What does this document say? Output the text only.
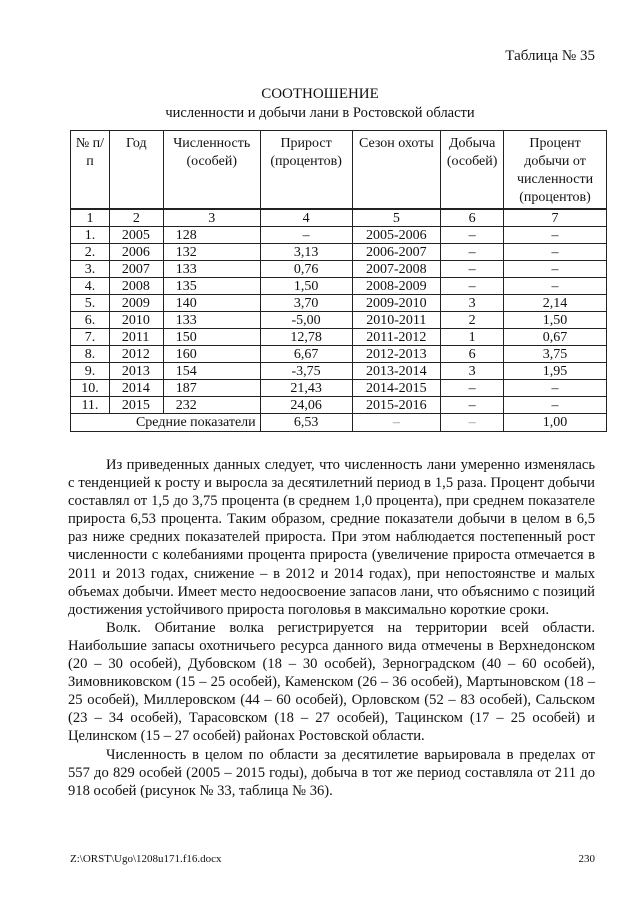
Таблица № 35
СООТНОШЕНИЕ
численности и добычи лани в Ростовской области
№ п/п	Год	Численность (особей)	Прирост (процентов)	Сезон охоты	Добыча (особей)	Процент добычи от численности (процентов)
1	2	3	4	5	6	7
1.	2005	128	–	2005-2006	–	–
2.	2006	132	3,13	2006-2007	–	–
3.	2007	133	0,76	2007-2008	–	–
4.	2008	135	1,50	2008-2009	–	–
5.	2009	140	3,70	2009-2010	3	2,14
6.	2010	133	-5,00	2010-2011	2	1,50
7.	2011	150	12,78	2011-2012	1	0,67
8.	2012	160	6,67	2012-2013	6	3,75
9.	2013	154	-3,75	2013-2014	3	1,95
10.	2014	187	21,43	2014-2015	–	–
11.	2015	232	24,06	2015-2016	–	–
Средние показатели			6,53	–	–	1,00

Из приведенных данных следует, что численность лани умеренно изменялась с тенденцией к росту и выросла за десятилетний период в 1,5 раза. Процент добычи составлял от 1,5 до 3,75 процента (в среднем 1,0 процента), при среднем показателе прироста 6,53 процента. Таким образом, средние показатели добычи в целом в 6,5 раз ниже средних показателей прироста. При этом наблюдается постепенный рост численности с колебаниями процента прироста (увеличение прироста отмечается в 2011 и 2013 годах, снижение – в 2012 и 2014 годах), при непостоянстве и малых объемах добычи. Имеет место недоосвоение запасов лани, что объяснимо с позиций достижения устойчивого прироста поголовья в максимально короткие сроки.

Волк. Обитание волка регистрируется на территории всей области. Наибольшие запасы охотничьего ресурса данного вида отмечены в Верхнедонском (20 – 30 особей), Дубовском (18 – 30 особей), Зерноградском (40 – 60 особей), Зимовниковском (15 – 25 особей), Каменском (26 – 36 особей), Мартыновском (18 – 25 особей), Миллеровском (44 – 60 особей), Орловском (52 – 83 особей), Сальском (23 – 34 особей), Тарасовском (18 – 27 особей), Тацинском (17 – 25 особей) и Целинском (15 – 27 особей) районах Ростовской области.

Численность в целом по области за десятилетие варьировала в пределах от 557 до 829 особей (2005 – 2015 годы), добыча в тот же период составляла от 211 до 918 особей (рисунок № 33, таблица № 36).

Z:\ORST\Ugo\1208u171.f16.docx	230
